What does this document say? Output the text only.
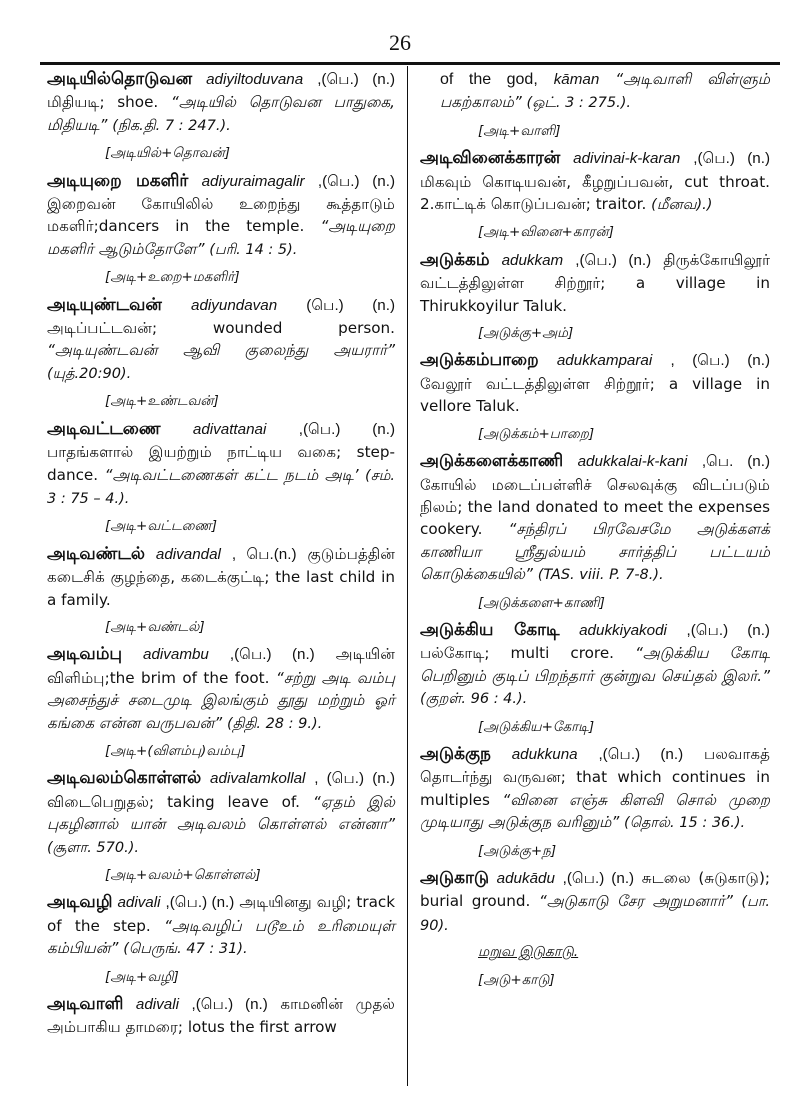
26
அடியில்தொடுவன adiyiltoduvana ,(பெ.) (n.) மிதியடி; shoe. “அடியில் தொடுவன பாதுகை, மிதியடி” (நிக.தி. 7 : 247.).
[அடியில்+தொவன்]
அடியுறை மகளிர் adiyuraimagalir ,(பெ.) (n.) இறைவன் கோயிலில் உறைந்து கூத்தாடும் மகளிர்;dancers in the temple. “அடியுறை மகளிர் ஆடும்தோளே” (பரி. 14 : 5).
[அடி+உறை+மகளிர்]
அடியுண்டவன் adiyundavan (பெ.) (n.) அடிப்பட்டவன்; wounded person. “அடியுண்டவன் ஆவி குலைந்து அயரார்” (யுத்.20:90).
[அடி+உண்டவன்]
அடிவட்டணை adivattanai ,(பெ.) (n.) பாதங்களால் இயற்றும் நாட்டிய வகை; step-dance. “அடிவட்டணைகள் கட்ட நடம் அடி’ (சம். 3 : 75 – 4.).
[அடி+வட்டணை]
அடிவண்டல் adivandal , பெ.(n.) குடும்பத்தின் கடைசிக் குழந்தை, கடைக்குட்டி; the last child in a family.
[அடி+வண்டல்]
அடிவம்பு adivambu ,(பெ.) (n.) அடியின் விளிம்பு;the brim of the foot. “சற்று அடி வம்பு அசைந்துச் சடைமுடி இலங்கும் தூது மற்றும் ஓர் கங்கை என்ன வருபவன்” (திதி. 28 : 9.).
[அடி+(விளம்பு)வம்பு]
அடிவலம்கொள்ளல் adivalamkollal , (பெ.) (n.) விடைபெறுதல்; taking leave of. “ஏதம் இல் புகழினால் யான் அடிவலம் கொள்ளல் என்னா” (சூளா. 570.).
[அடி+வலம்+கொள்ளல்]
அடிவழி adivali ,(பெ.) (n.) அடியினது வழி; track of the step. “அடிவழிப் படூஉம் உரிமையுள் கம்பியன்” (பெருங். 47 : 31).
[அடி+வழி]
அடிவாளி adivali ,(பெ.) (n.) காமனின் முதல் அம்பாகிய தாமரை; lotus the first arrow
of the god, kāman “அடிவாளி விள்ளும் பகற்காலம்” (ஒட். 3 : 275.).
[அடி+வாளி]
அடிவினைக்காரன் adivinai-k-karan ,(பெ.) (n.) மிகவும் கொடியவன், கீழறுப்பவன், cut throat. 2.காட்டிக் கொடுப்பவன்; traitor. (மீனவ).)
[அடி+வினை+காரன்]
அடுக்கம் adukkam ,(பெ.) (n.) திருக்கோயிலூர் வட்டத்திலுள்ள சிற்றூர்; a village in Thirukkoyilur Taluk.
[அடுக்கு+அம்]
அடுக்கம்பாறை adukkamparai , (பெ.) (n.) வேலூர் வட்டத்திலுள்ள சிற்றூர்; a village in vellore Taluk.
[அடுக்கம்+பாறை]
அடுக்களைக்காணி adukkalai-k-kani ,பெ. (n.) கோயில் மடைப்பள்ளிச் செலவுக்கு விடப்படும் நிலம்; the land donated to meet the expenses cookery. “சந்திரப் பிரவேசமே அடுக்களக் காணியா ஸ்ரீதுல்யம் சார்த்திப் பட்டயம் கொடுக்கையில்” (TAS. viii. P. 7-8.).
[அடுக்களை+காணி]
அடுக்கிய கோடி adukkiyakodi ,(பெ.) (n.) பல்கோடி; multi crore. “அடுக்கிய கோடி பெறினும் குடிப் பிறந்தார் குன்றுவ செய்தல் இலர்.” (குறள். 96 : 4.).
[அடுக்கிய+கோடி]
அடுக்குந adukkuna ,(பெ.) (n.) பலவாகத் தொடர்ந்து வருவன; that which continues in multiples “வினை எஞ்சு கிளவி சொல் முறை முடியாது அடுக்குந வரினும்” (தொல். 15 : 36.).
[அடுக்கு+ந]
அடுகாடு adukādu ,(பெ.) (n.) சுடலை (சுடுகாடு); burial ground. “அடுகாடு சேர அறுமனார்” (பா. 90).
மறுவ இடுகாடு.
[அடு+காடு]
